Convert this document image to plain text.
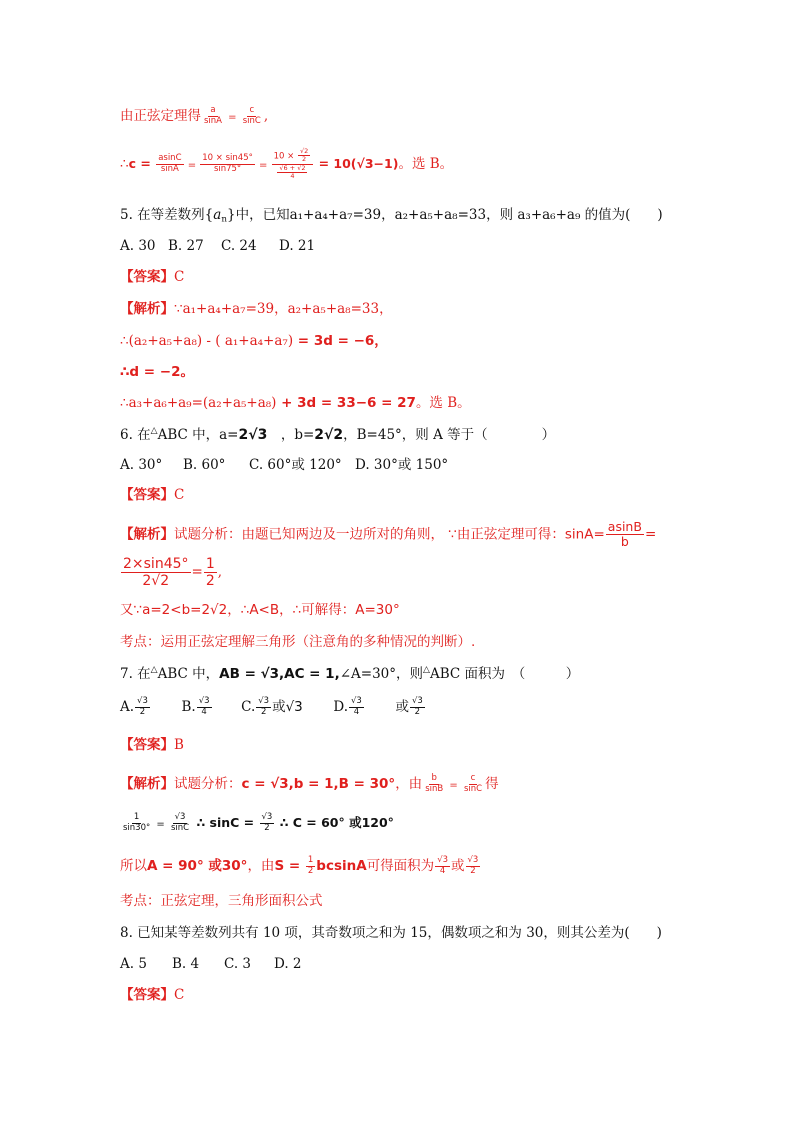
由正弦定理得 $\frac{a}{\sin A} = \frac{c}{\sin C}$ ,
∴c = $\frac{asinC}{\sin A} = \frac{10 \times \sin 45^\circ}{\sin 75^\circ} = \frac{10 \times \frac{√2}{2}}{\frac{√6 + √2}{4}} = 10(√3-1)$。选 B。
5. 在等差数列$\{a_n\}$中，已知a₁+a₄+a₇=39，a₂+a₅+a₈=33，则 a₃+a₆+a₉ 的值为(　　)
A. 30 B. 27 C. 24 D. 21
【答案】C
【解析】∵a₁+a₄+a₇=39，a₂+a₅+a₈=33，
∴(a₂+a₅+a₈) - ( a₁+a₄+a₇) = 3d = −6，
∴d = −2。
∴a₃+a₆+a₉=(a₂+a₅+a₈) + 3d = 33−6 = 27。选 B。
6. 在△ABC 中，a=2√3　，b=2√2，B=45°，则 A 等于（　　　　）
A. 30° B. 60° C. 60°或 120° D. 30°或 150°
【答案】C
【解析】试题分析：由题已知两边及一边所对的角则， ∵由正弦定理可得：$\sin A= \frac{asinB}{b}$ =
$\frac{2\times\sin 45^\circ}{2√2} = \frac{1}{2}$ ,
又∵a=2<b=2√2，∴A<B，∴可解得：A=30°
考点：运用正弦定理解三角形（注意角的多种情况的判断）.
7. 在△ABC 中，AB = √3,AC = 1,∠A=30°，则△ABC 面积为　（　　　）
A. $\frac{√3}{2} B$. $\frac{√3}{4} C$. $\frac{√3}{2}$ 或√3 D. $\frac{√3}{4}$ 或 $\frac{√3}{2}$
【答案】B
【解析】试题分析：c = √3,b = 1,B = 30°，由 $\frac{b}{\sin B} = \frac{c}{\sin C}$ 得
$\frac{1}{\sin 30^\circ} = \frac{√3}{\sin C}$ ∴ $\sin C = \frac{√3}{2}$ ∴ C = 60° 或120°
所以A = 90° 或30°，由$S = \frac{1}{2}$ bcsinA可得面积为 $\frac{√3}{4}$ 或 $\frac{√3}{2}$
考点：正弦定理，三角形面积公式
8. 已知某等差数列共有 10 项，其奇数项之和为 15，偶数项之和为 30，则其公差为(　　)
A. 5 B. 4 C. 3 D. 2
【答案】C
